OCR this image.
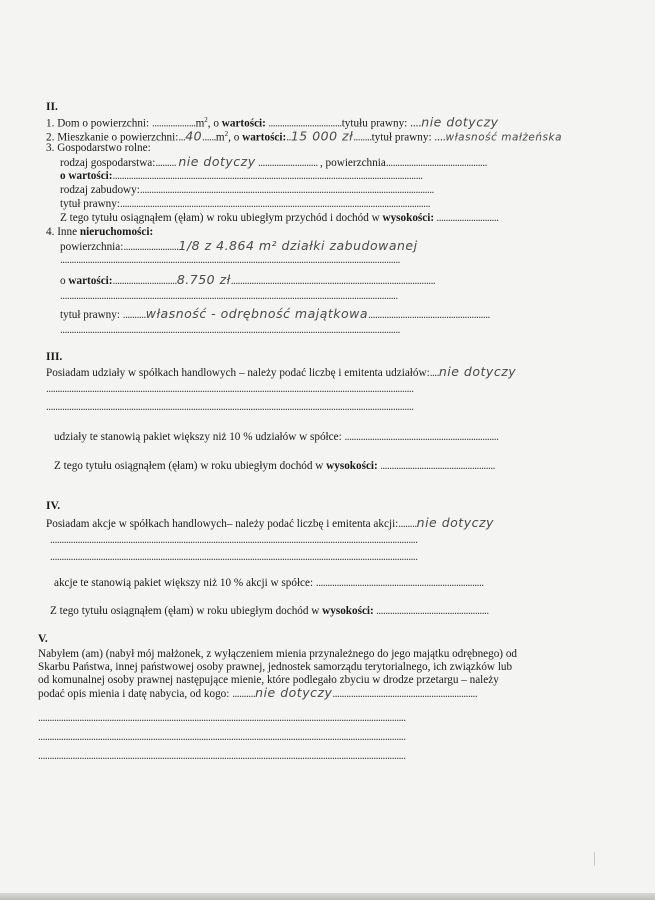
II.
1. Dom o powierzchni: $...................m^2$, o wartości: ................................tytułu prawny: ....nie dotyczy
2. Mieszkanie o $powierzchni:...40......m^2$, o wartości:..15 000 zł........tytuł prawny: ....własność małżeńska
3. Gospodarstwo rolne:
rodzaj gospodarstwa:......... nie dotyczy .......................... , powierzchnia............................................
o wartości:.......................................................................................................................................
rodzaj zabudowy:................................................................................................................................
tytuł prawny:.......................................................................................................................................
Z tego tytułu osiągnąłem (ęłam) w roku ubiegłym przychód i dochód w wysokości: ...........................
4. Inne nieruchomości:
powierzchnia:........................1/8 z 4.864 m² działki zabudowanej
....................................................................................................................................................
o wartości:............................8.750 zł.........................................................................................
...................................................................................................................................................
tytuł prawny: ..........własność - odrębność majątkowa.....................................................
....................................................................................................................................................
III.
Posiadam udziały w spółkach handlowych – należy podać liczbę i emitenta udziałów:....nie dotyczy
................................................................................................................................................................
................................................................................................................................................................
udziały te stanowią pakiet większy niż 10 % udziałów w spółce: ...................................................................
Z tego tytułu osiągnąłem (ęłam) w roku ubiegłym dochód w wysokości: ..................................................
IV.
Posiadam akcje w spółkach handlowych– należy podać liczbę i emitenta akcji:........nie dotyczy
................................................................................................................................................................
................................................................................................................................................................
akcje te stanowią pakiet większy niż 10 % akcji w spółce: .........................................................................
Z tego tytułu osiągnąłem (ęłam) w roku ubiegłym dochód w wysokości: .................................................
V.
Nabyłem (am) (nabył mój małżonek, z wyłączeniem mienia przynależnego do jego majątku odrębnego) od
Skarbu Państwa, innej państwowej osoby prawnej, jednostek samorządu terytorialnego, ich związków lub
od komunalnej osoby prawnej następujące mienie, które podlegało zbyciu w drodze przetargu – należy
podać opis mienia i datę nabycia, od kogo: ..........nie dotyczy...............................................................
................................................................................................................................................................
................................................................................................................................................................
................................................................................................................................................................
